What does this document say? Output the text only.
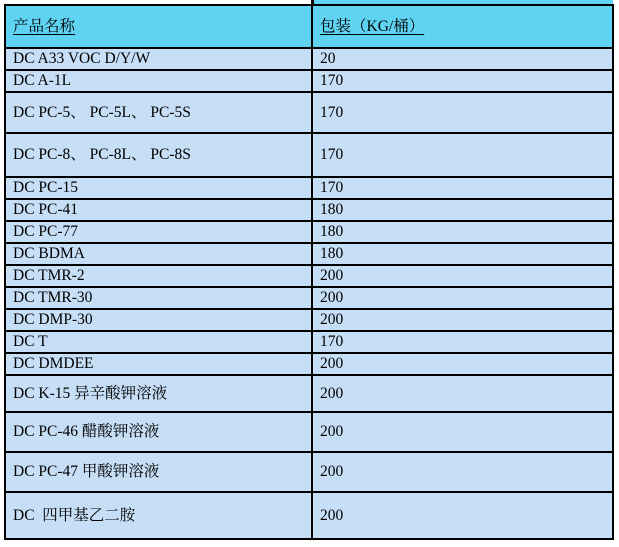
产品名称	包装（KG/桶）
DC A33 VOC D/Y/W	20
DC A-1L	170
DC PC-5、 PC-5L、 PC-5S	170
DC PC-8、 PC-8L、 PC-8S	170
DC PC-15	170
DC PC-41	180
DC PC-77	180
DC BDMA	180
DC TMR-2	200
DC TMR-30	200
DC DMP-30	200
DC T	170
DC DMDEE	200
DC K-15 异辛酸钾溶液	200
DC PC-46 醋酸钾溶液	200
DC PC-47 甲酸钾溶液	200
DC  四甲基乙二胺	200
